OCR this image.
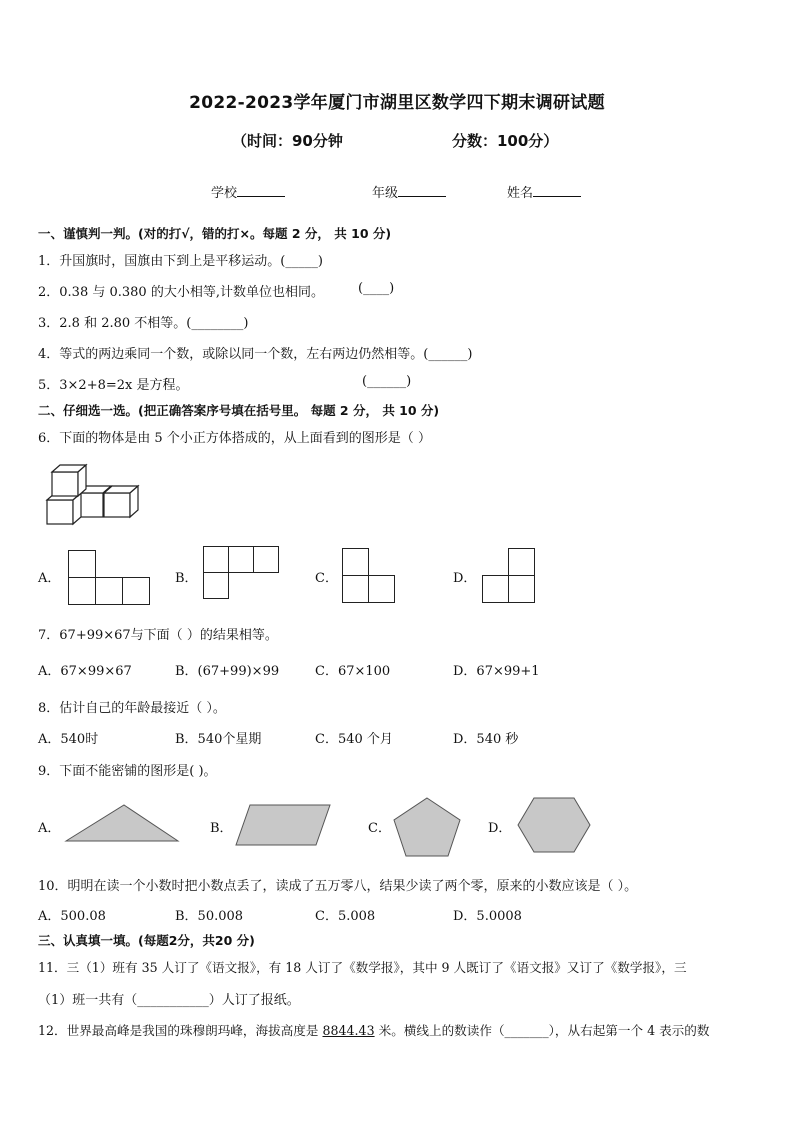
2022-2023学年厦门市湖里区数学四下期末调研试题
（时间：90分钟	分数：100分）
学校	年级	姓名
一、谨慎判一判。(对的打√，错的打×。每题 2 分， 共 10 分)
1．升国旗时，国旗由下到上是平移运动。(_____)
2．0.38 与 0.380 的大小相等,计数单位也相同。	(____)
3．2.8 和 2.80 不相等。(________)
4．等式的两边乘同一个数，或除以同一个数，左右两边仍然相等。(______)
5．3×2+8=2x 是方程。	(______)
二、仔细选一选。(把正确答案序号填在括号里。 每题 2 分， 共 10 分)
6．下面的物体是由 5 个小正方体搭成的，从上面看到的图形是（ ）
A．	B．	C．	D．
7．67+99×67与下面（ ）的结果相等。
A．67×99×67	B．(67+99)×99	C．67×100	D．67×99+1
8．估计自己的年龄最接近（ ）。
A．540时	B．540个星期	C．540 个月	D．540 秒
9．下面不能密铺的图形是( )。
A．	B．	C．	D．
10．明明在读一个小数时把小数点丢了，读成了五万零八，结果少读了两个零，原来的小数应该是（ ）。
A．500.08	B．50.008	C．5.008	D．5.0008
三、认真填一填。(每题2分，共20 分)
11．三（1）班有 35 人订了《语文报》，有 18 人订了《数学报》，其中 9 人既订了《语文报》又订了《数学报》，三
（1）班一共有（___________）人订了报纸。
12．世界最高峰是我国的珠穆朗玛峰，海拔高度是 8844.43 米。横线上的数读作（_______），从右起第一个 4 表示的数
